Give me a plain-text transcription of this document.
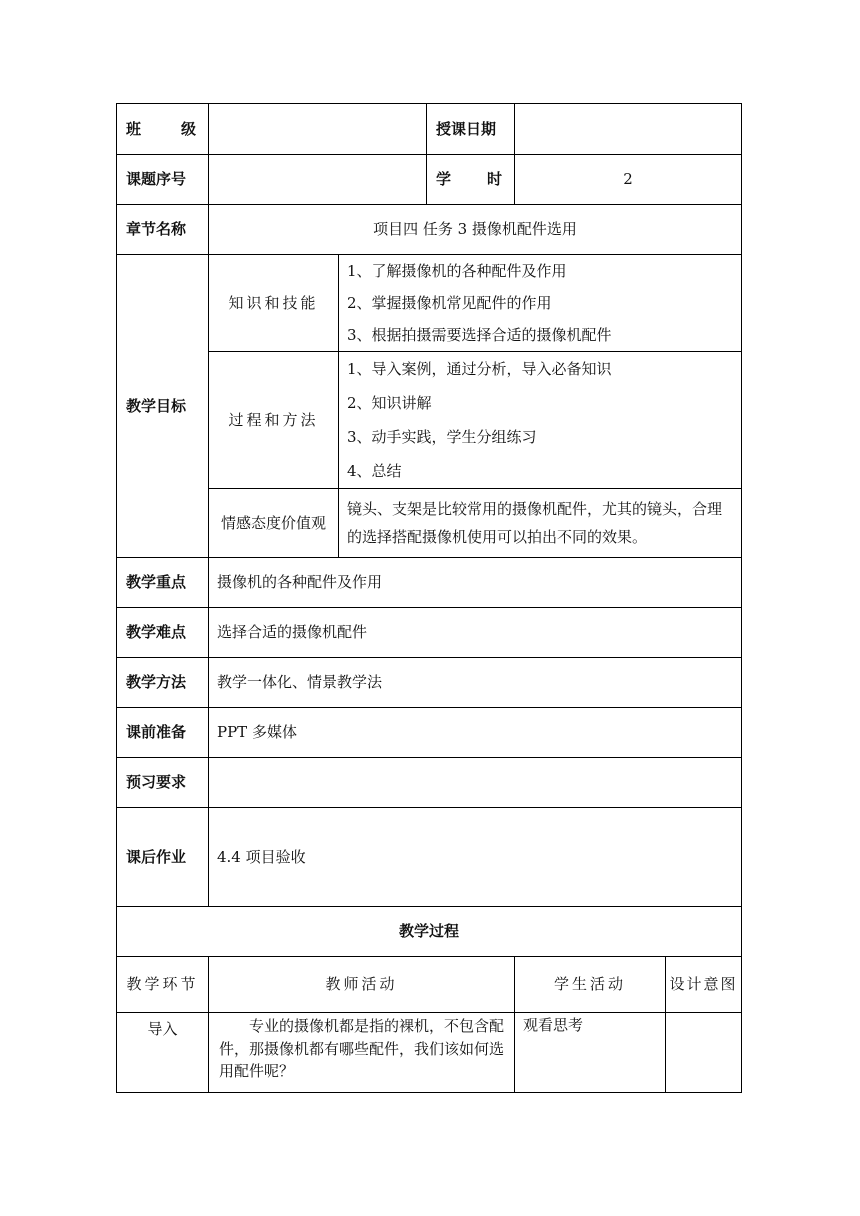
班 级			授课日期		
课题序号			学 时	2	
章节名称	项目四 任务 3 摄像机配件选用				
教学目标	知识和技能	1、了解摄像机的各种配件及作用
2、掌握摄像机常见配件的作用
3、根据拍摄需要选择合适的摄像机配件			

	过程和方法	1、导入案例，通过分析，导入必备知识
2、知识讲解
3、动手实践，学生分组练习
4、总结			

	情感态度价值观	镜头、支架是比较常用的摄像机配件，尤其的镜头，合理的选择搭配摄像机使用可以拍出不同的效果。			
教学重点	摄像机的各种配件及作用				
教学难点	选择合适的摄像机配件				
教学方法	教学一体化、情景教学法				
课前准备	PPT 多媒体				
预习要求					
课后作业	4.4 项目验收				
教学过程					
教学环节	教师活动			学生活动	设计意图
导入	专业的摄像机都是指的裸机，不包含配件，那摄像机都有哪些配件，我们该如何选用配件呢？			观看思考	
